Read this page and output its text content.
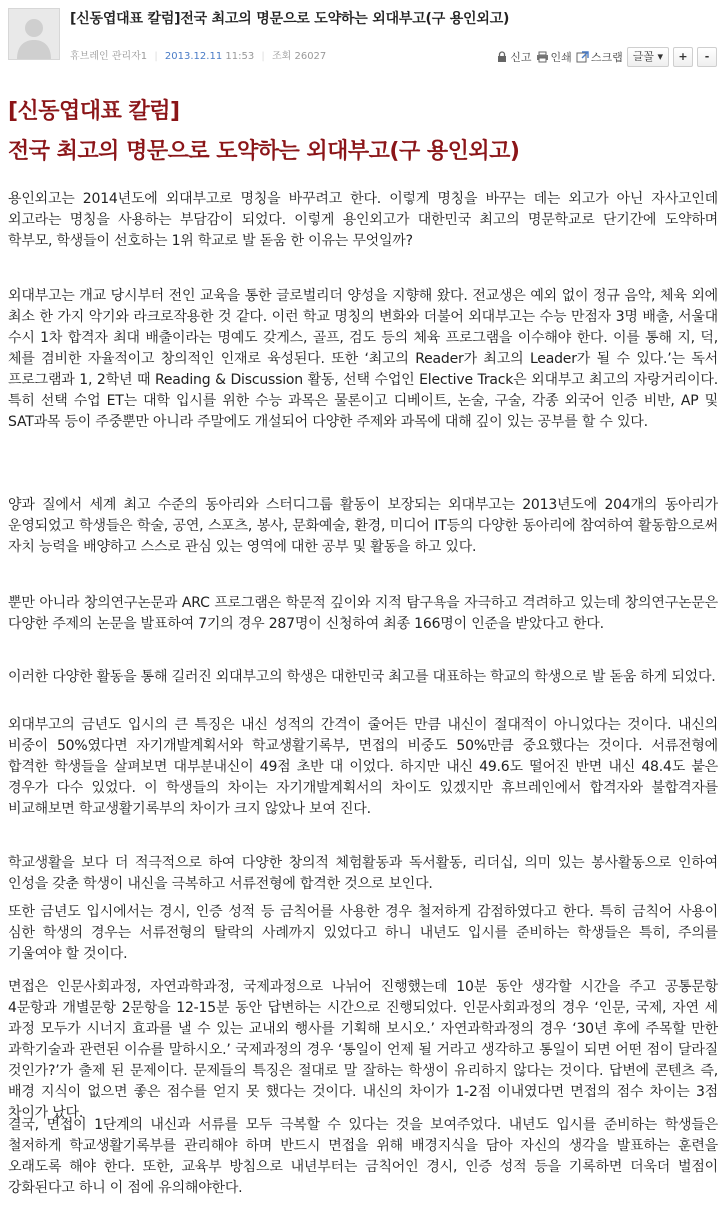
[신동엽대표 칼럼]전국 최고의 명문으로 도약하는 외대부고(구 용인외고)
휴브레인 관리자1 | 2013.12.11 11:53 | 조회 26027	신고 인쇄 스크랩 글꼴 ▾	+	-
[신동엽대표 칼럼]
전국 최고의 명문으로 도약하는 외대부고(구 용인외고)
용인외고는 2014년도에 외대부고로 명칭을 바꾸려고 한다. 이렇게 명칭을 바꾸는 데는 외고가 아닌 자사고인데 외고라는 명칭을 사용하는 부담감이 되었다. 이렇게 용인외고가 대한민국 최고의 명문학교로 단기간에 도약하며 학부모, 학생들이 선호하는 1위 학교로 발 돋움 한 이유는 무엇일까?
외대부고는 개교 당시부터 전인 교육을 통한 글로벌리더 양성을 지향해 왔다. 전교생은 예외 없이 정규 음악, 체육 외에 최소 한 가지 악기와 라크로작용한 것 같다. 이런 학교 명칭의 변화와 더불어 외대부고는 수능 만점자 3명 배출, 서울대 수시 1차 합격자 최대 배출이라는 명예도 갖게스, 골프, 검도 등의 체육 프로그램을 이수해야 한다. 이를 통해 지, 덕, 체를 겸비한 자율적이고 창의적인 인재로 육성된다. 또한 ‘최고의 Reader가 최고의 Leader가 될 수 있다.’는 독서 프로그램과 1, 2학년 때 Reading & Discussion 활동, 선택 수업인 Elective Track은 외대부고 최고의 자랑거리이다. 특히 선택 수업 ET는 대학 입시를 위한 수능 과목은 물론이고 디베이트, 논술, 구술, 각종 외국어 인증 비반, AP 및 SAT과목 등이 주중뿐만 아니라 주말에도 개설되어 다양한 주제와 과목에 대해 깊이 있는 공부를 할 수 있다.
양과 질에서 세계 최고 수준의 동아리와 스터디그룹 활동이 보장되는 외대부고는 2013년도에 204개의 동아리가 운영되었고 학생들은 학술, 공연, 스포츠, 봉사, 문화예술, 환경, 미디어 IT등의 다양한 동아리에 참여하여 활동함으로써 자치 능력을 배양하고 스스로 관심 있는 영역에 대한 공부 및 활동을 하고 있다.
뿐만 아니라 창의연구논문과 ARC 프로그램은 학문적 깊이와 지적 탐구욕을 자극하고 격려하고 있는데 창의연구논문은 다양한 주제의 논문을 발표하여 7기의 경우 287명이 신청하여 최종 166명이 인준을 받았다고 한다.
이러한 다양한 활동을 통해 길러진 외대부고의 학생은 대한민국 최고를 대표하는 학교의 학생으로 발 돋움 하게 되었다.
외대부고의 금년도 입시의 큰 특징은 내신 성적의 간격이 줄어든 만큼 내신이 절대적이 아니었다는 것이다. 내신의 비중이 50%였다면 자기개발계획서와 학교생활기록부, 면접의 비중도 50%만큼 중요했다는 것이다. 서류전형에 합격한 학생들을 살펴보면 대부분내신이 49점 초반 대 이었다. 하지만 내신 49.6도 떨어진 반면 내신 48.4도 붙은 경우가 다수 있었다. 이 학생들의 차이는 자기개발계획서의 차이도 있겠지만 휴브레인에서 합격자와 불합격자를 비교해보면 학교생활기록부의 차이가 크지 않았나 보여 진다.
학교생활을 보다 더 적극적으로 하여 다양한 창의적 체험활동과 독서활동, 리더십, 의미 있는 봉사활동으로 인하여 인성을 갖춘 학생이 내신을 극복하고 서류전형에 합격한 것으로 보인다.
또한 금년도 입시에서는 경시, 인증 성적 등 금칙어를 사용한 경우 철저하게 감점하였다고 한다. 특히 금칙어 사용이 심한 학생의 경우는 서류전형의 탈락의 사례까지 있었다고 하니 내년도 입시를 준비하는 학생들은 특히, 주의를 기울여야 할 것이다.
면접은 인문사회과정, 자연과학과정, 국제과정으로 나뉘어 진행했는데 10분 동안 생각할 시간을 주고 공통문항 4문항과 개별문항 2문항을 12-15분 동안 답변하는 시간으로 진행되었다. 인문사회과정의 경우 ‘인문, 국제, 자연 세 과정 모두가 시너지 효과를 낼 수 있는 교내외 행사를 기획해 보시오.’ 자연과학과정의 경우 ‘30년 후에 주목할 만한 과학기술과 관련된 이슈를 말하시오.’ 국제과정의 경우 ‘통일이 언제 될 거라고 생각하고 통일이 되면 어떤 점이 달라질 것인가?’가 출제 된 문제이다. 문제들의 특징은 절대로 말 잘하는 학생이 유리하지 않다는 것이다. 답변에 콘텐츠 즉, 배경 지식이 없으면 좋은 점수를 얻지 못 했다는 것이다. 내신의 차이가 1-2점 이내였다면 면접의 점수 차이는 3점 차이가 났다.
결국, 면접이 1단계의 내신과 서류를 모두 극복할 수 있다는 것을 보여주었다. 내년도 입시를 준비하는 학생들은 철저하게 학교생활기록부를 관리해야 하며 반드시 면접을 위해 배경지식을 담아 자신의 생각을 발표하는 훈련을 오래도록 해야 한다. 또한, 교육부 방침으로 내년부터는 금칙어인 경시, 인증 성적 등을 기록하면 더욱더 벌점이 강화된다고 하니 이 점에 유의해야한다.
